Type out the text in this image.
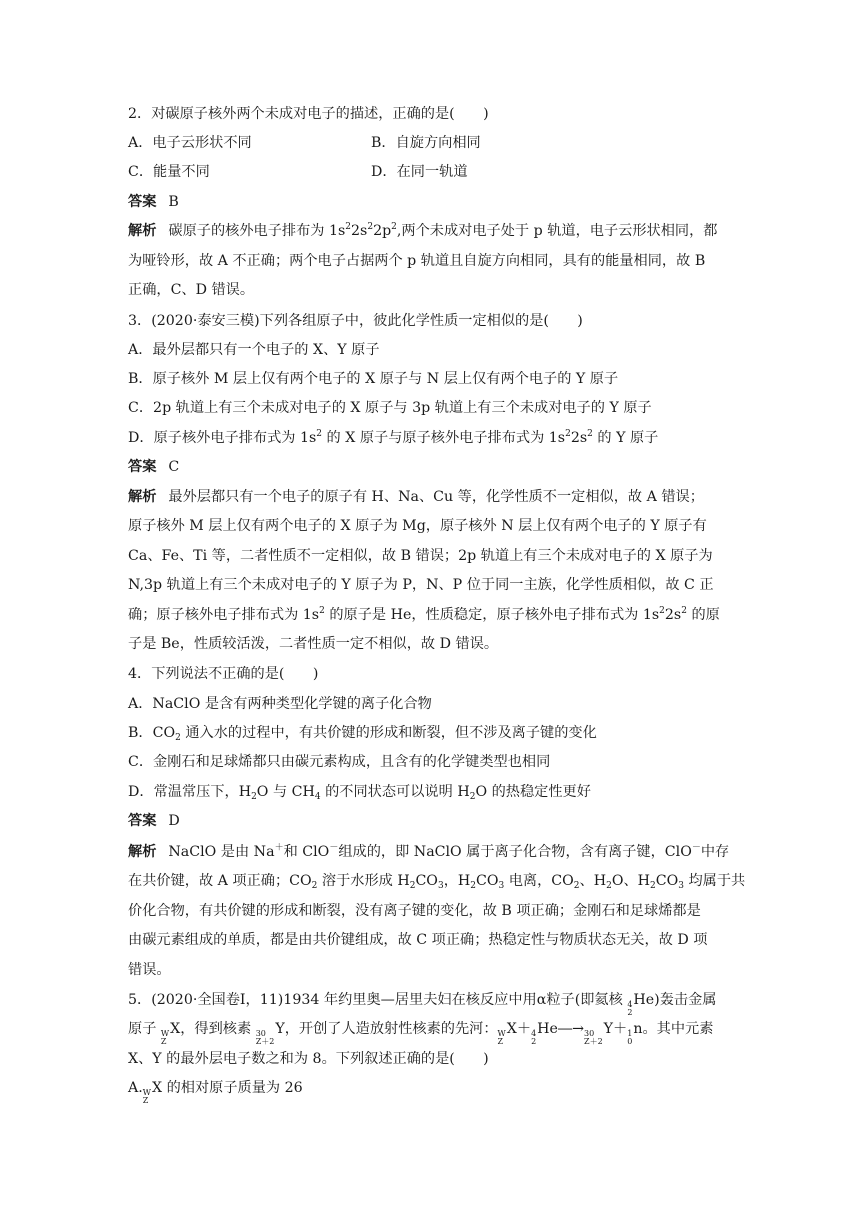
2．对碳原子核外两个未成对电子的描述，正确的是(　　)
A．电子云形状不同	B．自旋方向相同
C．能量不同	D．在同一轨道
答案 B
解析 碳原子的核外电子排布为 $1s^22s^22p^2$,两个未成对电子处于 p 轨道，电子云形状相同，都
为哑铃形，故 A 不正确；两个电子占据两个 p 轨道且自旋方向相同，具有的能量相同，故 B
正确，C、D 错误。
3．(2020·泰安三模)下列各组原子中，彼此化学性质一定相似的是(　　)
A．最外层都只有一个电子的 X、Y 原子
B．原子核外 M 层上仅有两个电子的 X 原子与 N 层上仅有两个电子的 Y 原子
C．2p 轨道上有三个未成对电子的 X 原子与 3p 轨道上有三个未成对电子的 Y 原子
D．原子核外电子排布式为 $1s^2$ 的 X 原子与原子核外电子排布式为 $1s^22s^2$ 的 Y 原子
答案 C
解析 最外层都只有一个电子的原子有 H、Na、Cu 等，化学性质不一定相似，故 A 错误；
原子核外 M 层上仅有两个电子的 X 原子为 Mg，原子核外 N 层上仅有两个电子的 Y 原子有
Ca、Fe、Ti 等，二者性质不一定相似，故 B 错误；2p 轨道上有三个未成对电子的 X 原子为
N,3p 轨道上有三个未成对电子的 Y 原子为 P，N、P 位于同一主族，化学性质相似，故 C 正
确；原子核外电子排布式为 $1s^2$ 的原子是 He，性质稳定，原子核外电子排布式为 $1s^22s^2$ 的原
子是 Be，性质较活泼，二者性质一定不相似，故 D 错误。
4．下列说法不正确的是(　　)
A．NaClO 是含有两种类型化学键的离子化合物
B．$CO_2$ 通入水的过程中，有共价键的形成和断裂，但不涉及离子键的变化
C．金刚石和足球烯都只由碳元素构成，且含有的化学键类型也相同
D．常温常压下，$H_2O$ 与 $CH_4$ 的不同状态可以说明 $H_2O$ 的热稳定性更好
答案 D
解析 NaClO 是由 Na＋和 ClO－组成的，即 NaClO 属于离子化合物，含有离子键，ClO－中存
在共价键，故 A 项正确；$CO_2$ 溶于水形成 $H_2CO_3$，$H_2CO_3$ 电离，$CO_2$、$H_2O$、$H_2CO_3$ 均属于共
价化合物，有共价键的形成和断裂，没有离子键的变化，故 B 项正确；金刚石和足球烯都是
由碳元素组成的单质，都是由共价键组成，故 C 项正确；热稳定性与物质状态无关，故 D 项
错误。
5．(2020·全国卷Ⅰ，11)1934 年约里奥—居里夫妇在核反应中用α粒子(即氦核 4
2
He)轰击金属
原子 W
Z
X，得到核素 30
Z＋2
Y，开创了人造放射性核素的先河： W
Z
X＋ 4
2
He―→ 30
Z＋2
Y＋ 1
0
n。其中元素
X、Y 的最外层电子数之和为 8。下列叙述正确的是(　　)
A. W
Z
X 的相对原子质量为 26
